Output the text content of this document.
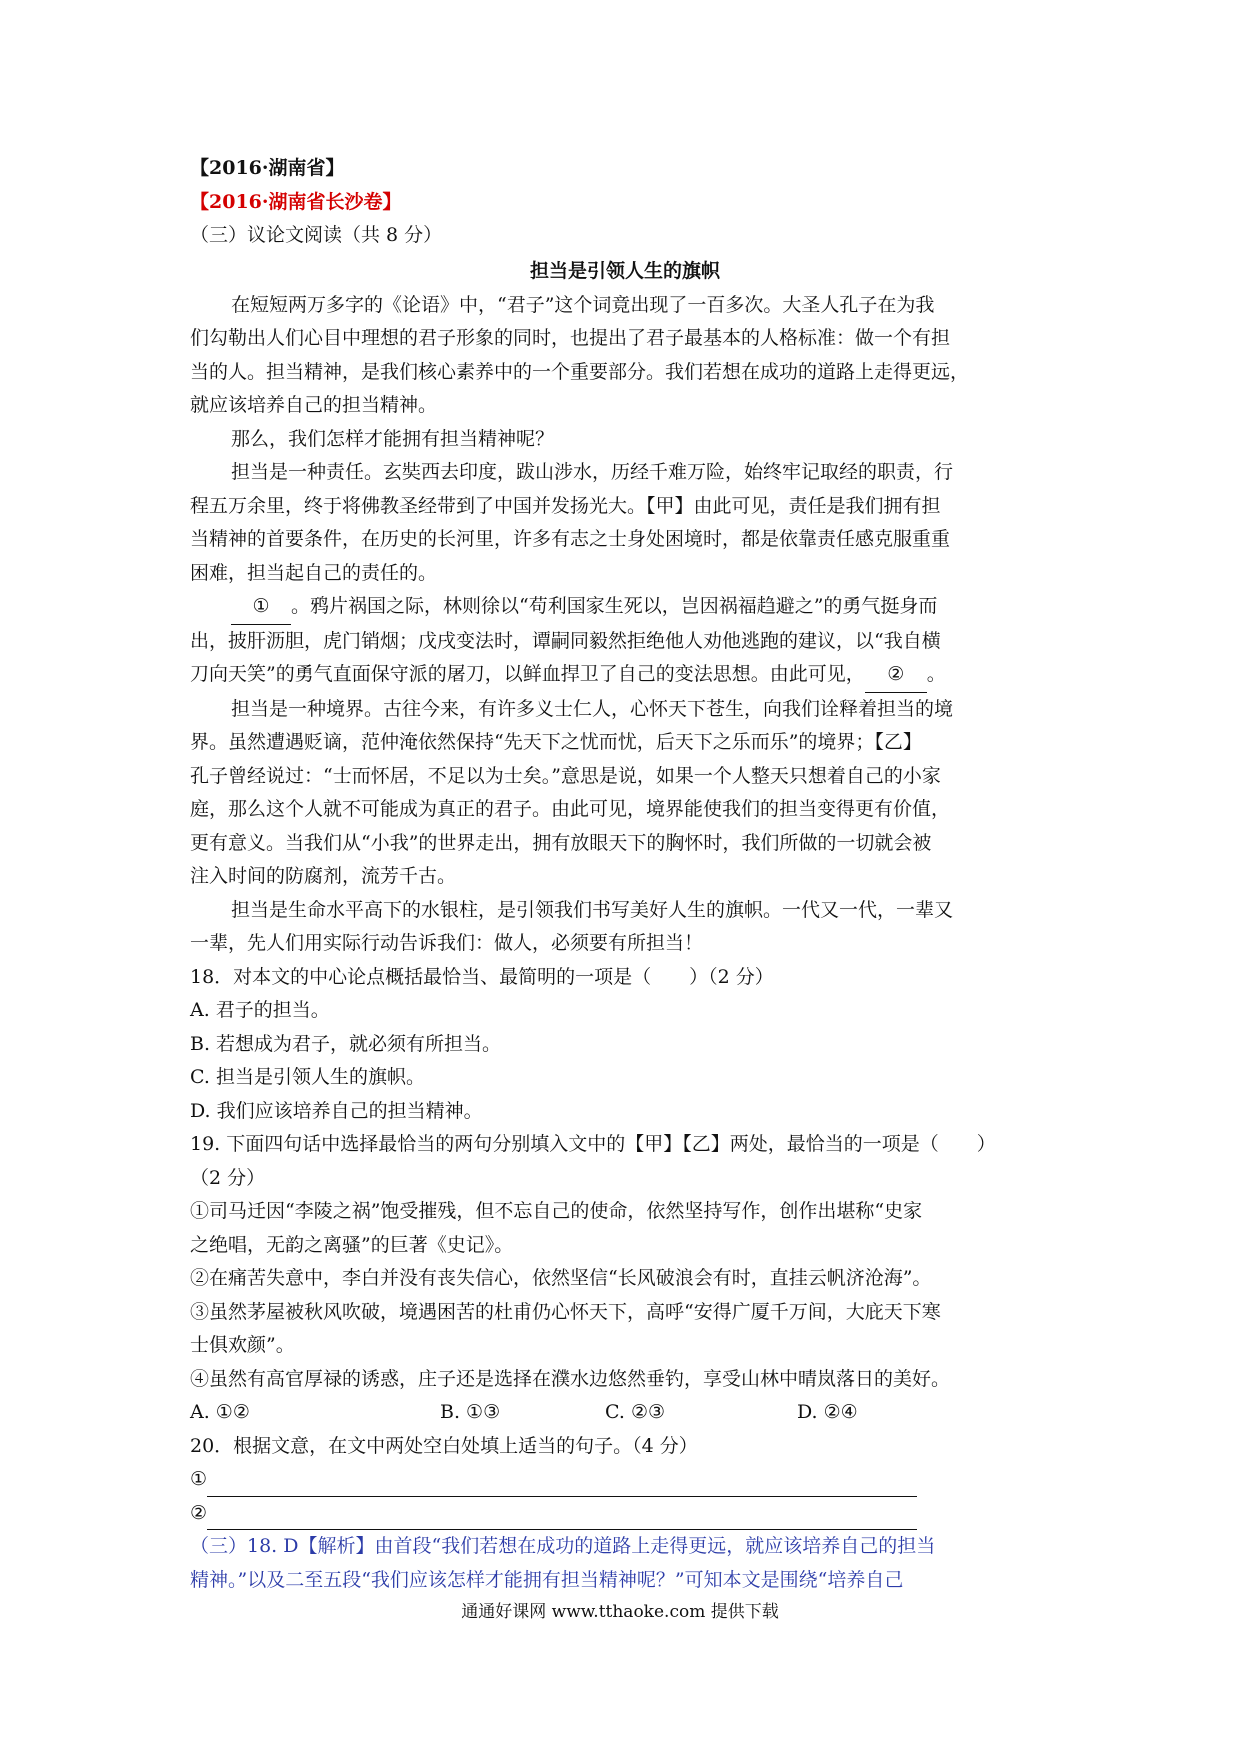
【2016·湖南省】

【2016·湖南省长沙卷】

（三）议论文阅读（共 8 分）

担当是引领人生的旗帜

在短短两万多字的《论语》中，“君子”这个词竟出现了一百多次。大圣人孔子在为我

们勾勒出人们心目中理想的君子形象的同时，也提出了君子最基本的人格标准：做一个有担

当的人。担当精神，是我们核心素养中的一个重要部分。我们若想在成功的道路上走得更远，

就应该培养自己的担当精神。

那么，我们怎样才能拥有担当精神呢？

担当是一种责任。玄奘西去印度，跋山涉水，历经千难万险，始终牢记取经的职责，行

程五万余里，终于将佛教圣经带到了中国并发扬光大。【甲】由此可见，责任是我们拥有担

当精神的首要条件，在历史的长河里，许多有志之士身处困境时，都是依靠责任感克服重重

困难，担当起自己的责任的。

① 。鸦片祸国之际，林则徐以“苟利国家生死以，岂因祸福趋避之”的勇气挺身而

出，披肝沥胆，虎门销烟；戊戌变法时，谭嗣同毅然拒绝他人劝他逃跑的建议，以“我自横

刀向天笑”的勇气直面保守派的屠刀，以鲜血捍卫了自己的变法思想。由此可见， ② 。

担当是一种境界。古往今来，有许多义士仁人，心怀天下苍生，向我们诠释着担当的境

界。虽然遭遇贬谪，范仲淹依然保持“先天下之忧而忧，后天下之乐而乐”的境界；【乙】

孔子曾经说过：“士而怀居，不足以为士矣。”意思是说，如果一个人整天只想着自己的小家

庭，那么这个人就不可能成为真正的君子。由此可见，境界能使我们的担当变得更有价值，

更有意义。当我们从“小我”的世界走出，拥有放眼天下的胸怀时，我们所做的一切就会被

注入时间的防腐剂，流芳千古。

担当是生命水平高下的水银柱，是引领我们书写美好人生的旗帜。一代又一代，一辈又

一辈，先人们用实际行动告诉我们：做人，必须要有所担当！

18．对本文的中心论点概括最恰当、最简明的一项是（　　）（2 分）

A. 君子的担当。

B. 若想成为君子，就必须有所担当。

C. 担当是引领人生的旗帜。

D. 我们应该培养自己的担当精神。

19. 下面四句话中选择最恰当的两句分别填入文中的【甲】【乙】两处，最恰当的一项是（　　）

（2 分）

①司马迁因“李陵之祸”饱受摧残，但不忘自己的使命，依然坚持写作，创作出堪称“史家

之绝唱，无韵之离骚”的巨著《史记》。

②在痛苦失意中，李白并没有丧失信心，依然坚信“长风破浪会有时，直挂云帆济沧海”。

③虽然茅屋被秋风吹破，境遇困苦的杜甫仍心怀天下，高呼“安得广厦千万间，大庇天下寒

士俱欢颜”。

④虽然有高官厚禄的诱惑，庄子还是选择在濮水边悠然垂钓，享受山林中晴岚落日的美好。

A. ①②	B. ①③	C. ②③	D. ②④

20．根据文意，在文中两处空白处填上适当的句子。（4 分）

①

②

（三）18. D【解析】由首段“我们若想在成功的道路上走得更远，就应该培养自己的担当

精神。”以及二至五段“我们应该怎样才能拥有担当精神呢？”可知本文是围绕“培养自己

通通好课网 www.tthaoke.com 提供下载
